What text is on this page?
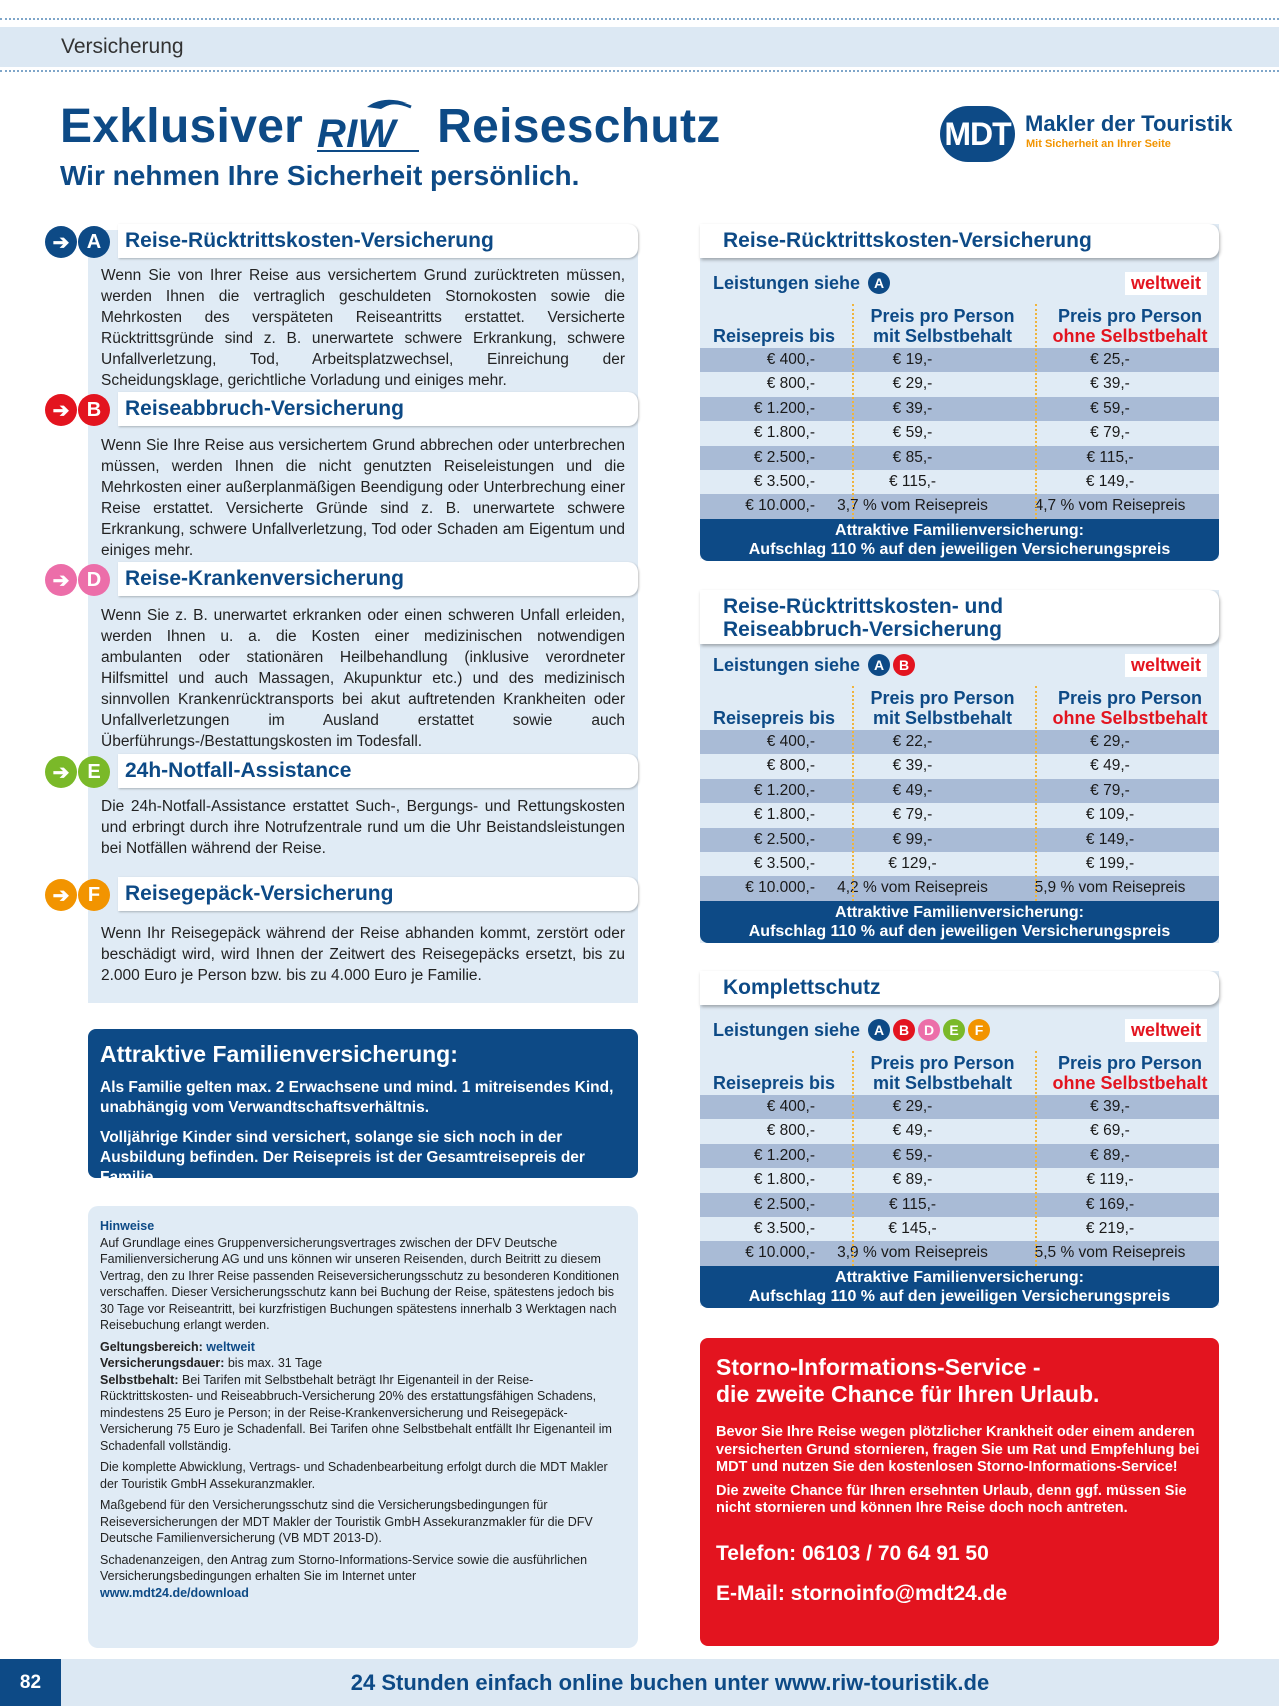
Versicherung
Exklusiver RIW Reiseschutz
Wir nehmen Ihre Sicherheit persönlich.
MDT Makler der Touristik
Mit Sicherheit an Ihrer Seite
➔ A	Reise-Rücktrittskosten-Versicherung
Wenn Sie von Ihrer Reise aus versichertem Grund zurücktreten müssen, werden Ihnen die vertraglich geschuldeten Stornokosten sowie die Mehrkosten des verspäteten Reiseantritts erstattet. Versicherte Rücktrittsgründe sind z. B. unerwartete schwere Erkrankung, schwere Unfallverletzung, Tod, Arbeitsplatzwechsel, Einreichung der Scheidungsklage, gerichtliche Vorladung und einiges mehr.
➔ B	Reiseabbruch-Versicherung
Wenn Sie Ihre Reise aus versichertem Grund abbrechen oder unterbrechen müssen, werden Ihnen die nicht genutzten Reiseleistungen und die Mehrkosten einer außerplanmäßigen Beendigung oder Unterbrechung einer Reise erstattet. Versicherte Gründe sind z. B. unerwartete schwere Erkrankung, schwere Unfallverletzung, Tod oder Schaden am Eigentum und einiges mehr.
➔ D	Reise-Krankenversicherung
Wenn Sie z. B. unerwartet erkranken oder einen schweren Unfall erleiden, werden Ihnen u. a. die Kosten einer medizinischen notwendigen ambulanten oder stationären Heilbehandlung (inklusive verordneter Hilfsmittel und auch Massagen, Akupunktur etc.) und des medizinisch sinnvollen Krankenrücktransports bei akut auftretenden Krankheiten oder Unfallverletzungen im Ausland erstattet sowie auch Überführungs-/Bestattungskosten im Todesfall.
➔ E	24h-Notfall-Assistance
Die 24h-Notfall-Assistance erstattet Such-, Bergungs- und Rettungskosten und erbringt durch ihre Notrufzentrale rund um die Uhr Beistandsleistungen bei Notfällen während der Reise.
➔ F	Reisegepäck-Versicherung
Wenn Ihr Reisegepäck während der Reise abhanden kommt, zerstört oder beschädigt wird, wird Ihnen der Zeitwert des Reisegepäcks ersetzt, bis zu 2.000 Euro je Person bzw. bis zu 4.000 Euro je Familie.
Attraktive Familienversicherung:

Als Familie gelten max. 2 Erwachsene und mind. 1 mitreisendes Kind, unabhängig vom Verwandtschaftsverhältnis.

Volljährige Kinder sind versichert, solange sie sich noch in der Ausbildung befinden. Der Reisepreis ist der Gesamtreisepreis der Familie.

Hinweise

Auf Grundlage eines Gruppenversicherungsvertrages zwischen der DFV Deutsche Familienversicherung AG und uns können wir unseren Reisenden, durch Beitritt zu diesem Vertrag, den zu Ihrer Reise passenden Reiseversicherungsschutz zu besonderen Konditionen verschaffen. Dieser Versicherungsschutz kann bei Buchung der Reise, spätestens jedoch bis 30 Tage vor Reiseantritt, bei kurzfristigen Buchungen spätestens innerhalb 3 Werktagen nach Reisebuchung erlangt werden.

Geltungsbereich: weltweit
Versicherungsdauer: bis max. 31 Tage

Selbstbehalt: Bei Tarifen mit Selbstbehalt beträgt Ihr Eigenanteil in der Reise-Rücktrittskosten- und Reiseabbruch-Versicherung 20% des erstattungsfähigen Schadens, mindestens 25 Euro je Person; in der Reise-Krankenversicherung und Reisegepäck-Versicherung 75 Euro je Schadenfall. Bei Tarifen ohne Selbstbehalt entfällt Ihr Eigenanteil im Schadenfall vollständig.

Die komplette Abwicklung, Vertrags- und Schadenbearbeitung erfolgt durch die MDT Makler der Touristik GmbH Assekuranzmakler.

Maßgebend für den Versicherungsschutz sind die Versicherungsbedingungen für Reiseversicherungen der MDT Makler der Touristik GmbH Assekuranzmakler für die DFV Deutsche Familienversicherung (VB MDT 2013-D).

Schadenanzeigen, den Antrag zum Storno-Informations-Service sowie die ausführlichen Versicherungsbedingungen erhalten Sie im Internet unter
www.mdt24.de/download
Reise-Rücktrittskosten-Versicherung
Leistungen siehe A	weltweit
Reisepreis bis
Preis pro Person
mit Selbstbehalt
Preis pro Person
ohne Selbstbehalt
€ 400,-	€ 19,-	€ 25,-
€ 800,-	€ 29,-	€ 39,-
€ 1.200,-	€ 39,-	€ 59,-
€ 1.800,-	€ 59,-	€ 79,-
€ 2.500,-	€ 85,-	€ 115,-
€ 3.500,-	€ 115,-	€ 149,-
€ 10.000,-	3,7 % vom Reisepreis	4,7 % vom Reisepreis
Attraktive Familienversicherung:
Aufschlag 110 % auf den jeweiligen Versicherungspreis
Reise-Rücktrittskosten- und
Reiseabbruch-Versicherung
Leistungen siehe A	B	weltweit
Reisepreis bis
Preis pro Person
mit Selbstbehalt
Preis pro Person
ohne Selbstbehalt
€ 400,-	€ 22,-	€ 29,-
€ 800,-	€ 39,-	€ 49,-
€ 1.200,-	€ 49,-	€ 79,-
€ 1.800,-	€ 79,-	€ 109,-
€ 2.500,-	€ 99,-	€ 149,-
€ 3.500,-	€ 129,-	€ 199,-
€ 10.000,-	4,2 % vom Reisepreis	5,9 % vom Reisepreis
Attraktive Familienversicherung:
Aufschlag 110 % auf den jeweiligen Versicherungspreis
Komplettschutz
Leistungen siehe A	B	D	E	F	weltweit
Reisepreis bis
Preis pro Person
mit Selbstbehalt
Preis pro Person
ohne Selbstbehalt
€ 400,-	€ 29,-	€ 39,-
€ 800,-	€ 49,-	€ 69,-
€ 1.200,-	€ 59,-	€ 89,-
€ 1.800,-	€ 89,-	€ 119,-
€ 2.500,-	€ 115,-	€ 169,-
€ 3.500,-	€ 145,-	€ 219,-
€ 10.000,-	3,9 % vom Reisepreis	5,5 % vom Reisepreis
Attraktive Familienversicherung:
Aufschlag 110 % auf den jeweiligen Versicherungspreis
Storno-Informations-Service -
die zweite Chance für Ihren Urlaub.

Bevor Sie Ihre Reise wegen plötzlicher Krankheit oder einem anderen versicherten Grund stornieren, fragen Sie um Rat und Empfehlung bei MDT und nutzen Sie den kostenlosen Storno-Informations-Service!

Die zweite Chance für Ihren ersehnten Urlaub, denn ggf. müssen Sie nicht stornieren und können Ihre Reise doch noch antreten.

Telefon: 06103 / 70 64 91 50
E-Mail: stornoinfo@mdt24.de
82	24 Stunden einfach online buchen unter www.riw-touristik.de
